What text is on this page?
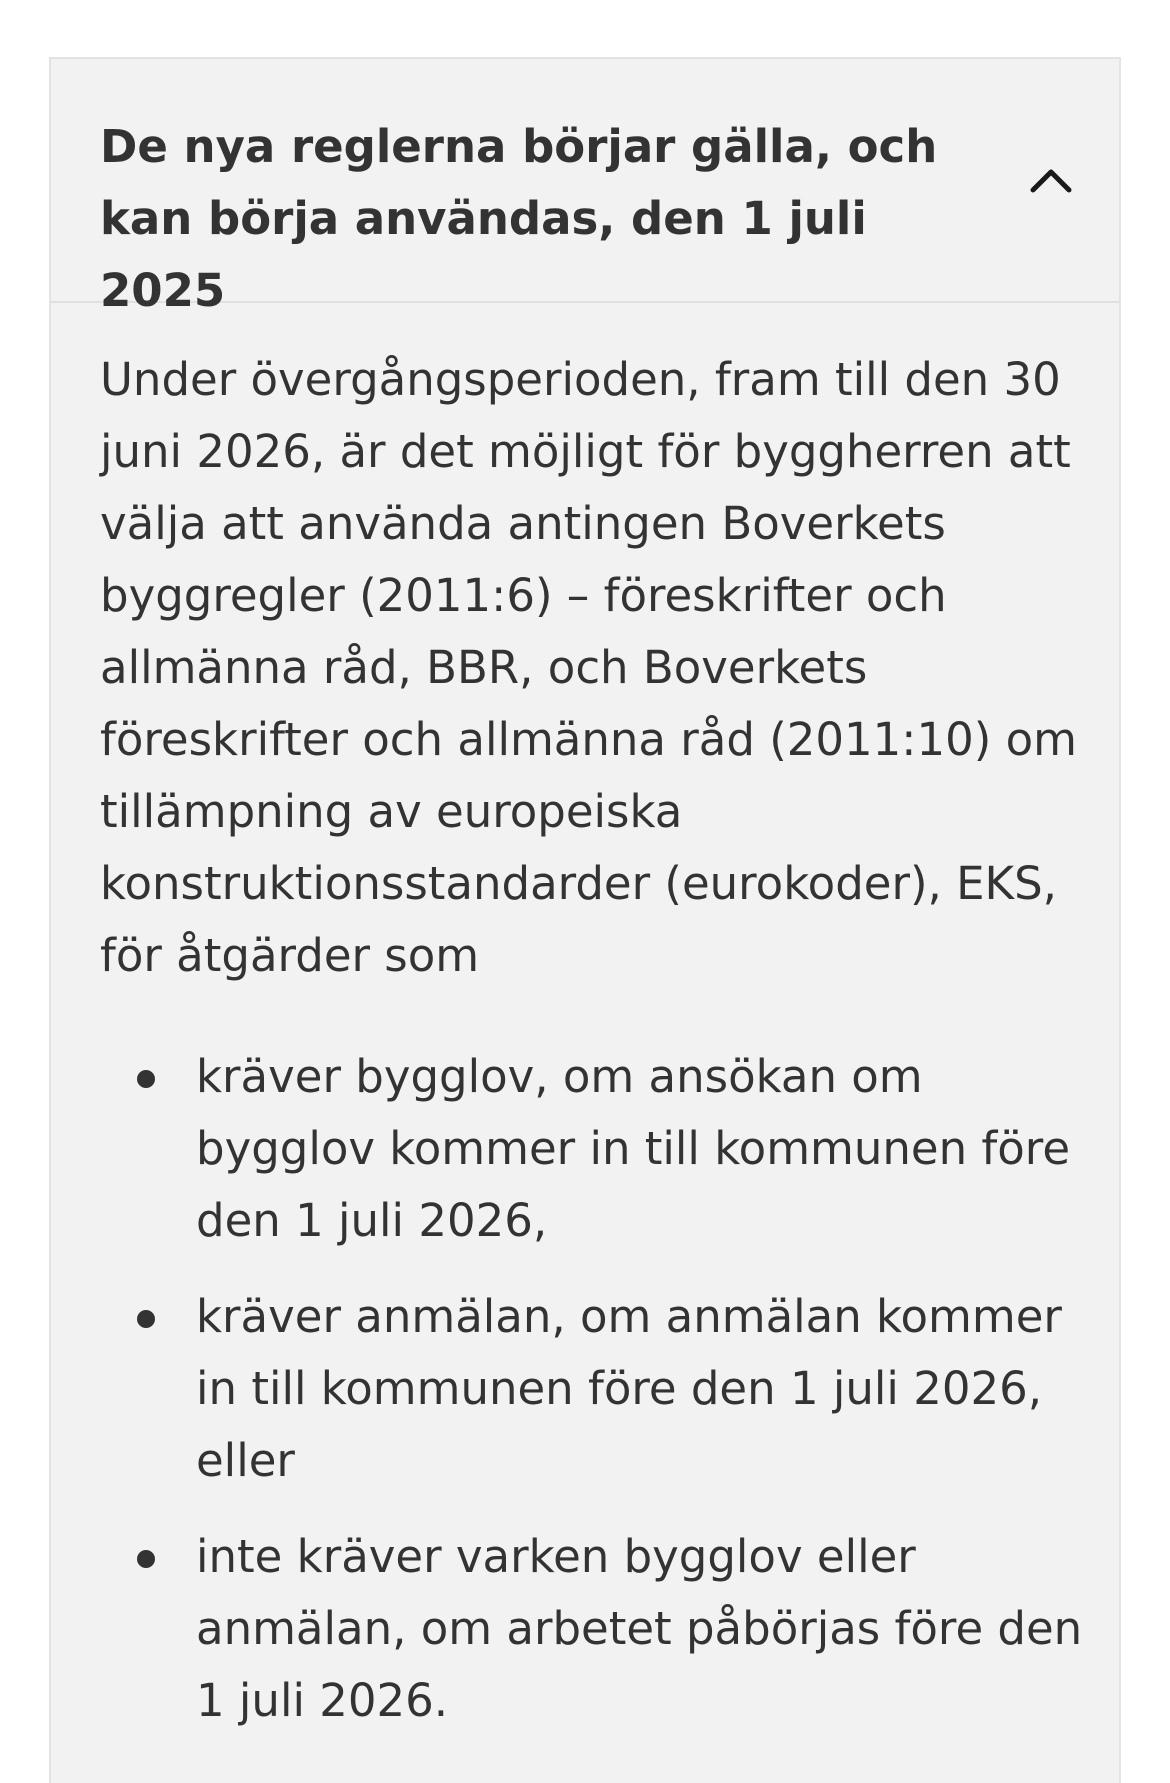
De nya reglerna börjar gälla, och kan börja användas, den 1 juli 2025

Under övergångsperioden, fram till den 30 juni 2026, är det möjligt för byggherren att välja att använda antingen Boverkets byggregler (2011:6) – föreskrifter och allmänna råd, BBR, och Boverkets föreskrifter och allmänna råd (2011:10) om tillämpning av europeiska konstruktionsstandarder (eurokoder), EKS, för åtgärder som

kräver bygglov, om ansökan om bygglov kommer in till kommunen före den 1 juli 2026,
kräver anmälan, om anmälan kommer in till kommunen före den 1 juli 2026, eller
inte kräver varken bygglov eller anmälan, om arbetet påbörjas före den 1 juli 2026.
